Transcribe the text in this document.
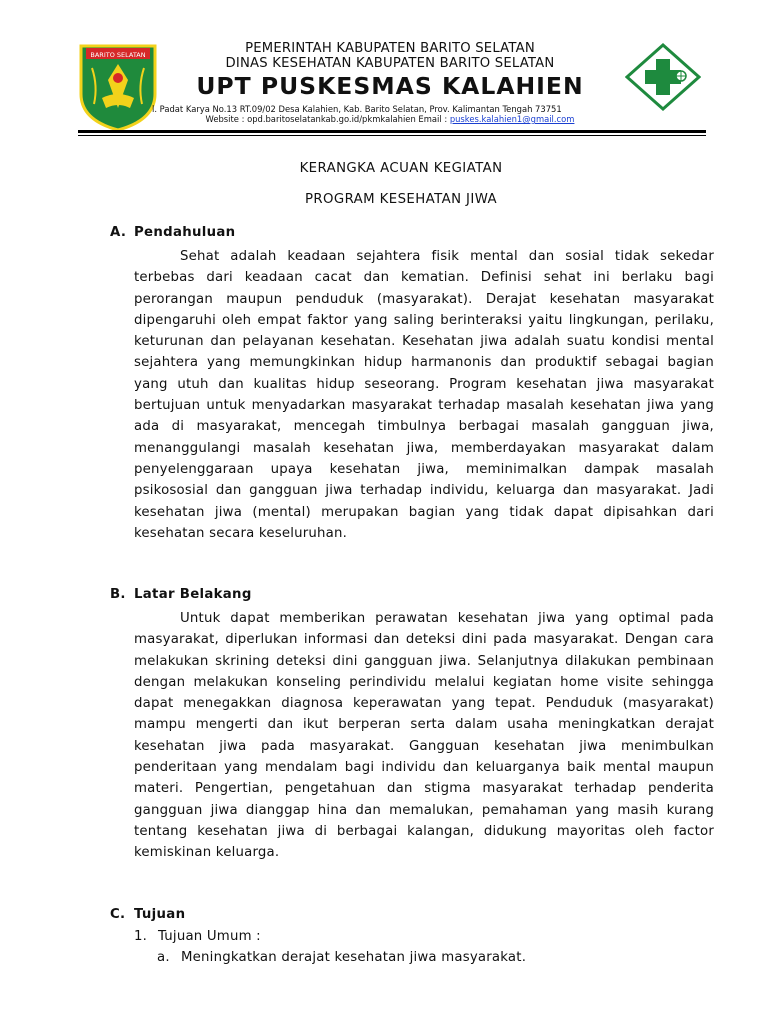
BARITO SELATAN	PEMERINTAH KABUPATEN BARITO SELATAN
DINAS KESEHATAN KABUPATEN BARITO SELATAN
UPT PUSKESMAS KALAHIEN
l. Padat Karya No.13 RT.09/02 Desa Kalahien, Kab. Barito Selatan, Prov. Kalimantan Tengah 73751
Website : opd.baritoselatankab.go.id/pkmkalahien Email : puskes.kalahien1@gmail.com
KERANGKA ACUAN KEGIATAN
PROGRAM KESEHATAN JIWA
A. Pendahuluan
Sehat adalah keadaan sejahtera fisik mental dan sosial tidak sekedar terbebas dari keadaan cacat dan kematian. Definisi sehat ini berlaku bagi perorangan maupun penduduk (masyarakat). Derajat kesehatan masyarakat dipengaruhi oleh empat faktor yang saling berinteraksi yaitu lingkungan, perilaku, keturunan dan pelayanan kesehatan. Kesehatan jiwa adalah suatu kondisi mental sejahtera yang memungkinkan hidup harmanonis dan produktif sebagai bagian yang utuh dan kualitas hidup seseorang. Program kesehatan jiwa masyarakat bertujuan untuk menyadarkan masyarakat terhadap masalah kesehatan jiwa yang ada di masyarakat, mencegah timbulnya berbagai masalah gangguan jiwa, menanggulangi masalah kesehatan jiwa, memberdayakan masyarakat dalam penyelenggaraan upaya kesehatan jiwa, meminimalkan dampak masalah psikososial dan gangguan jiwa terhadap individu, keluarga dan masyarakat. Jadi kesehatan jiwa (mental) merupakan bagian yang tidak dapat dipisahkan dari kesehatan secara keseluruhan.
B. Latar Belakang
Untuk dapat memberikan perawatan kesehatan jiwa yang optimal pada masyarakat, diperlukan informasi dan deteksi dini pada masyarakat. Dengan cara melakukan skrining deteksi dini gangguan jiwa. Selanjutnya dilakukan pembinaan dengan melakukan konseling perindividu melalui kegiatan home visite sehingga dapat menegakkan diagnosa keperawatan yang tepat. Penduduk (masyarakat) mampu mengerti dan ikut berperan serta dalam usaha meningkatkan derajat kesehatan jiwa pada masyarakat. Gangguan kesehatan jiwa menimbulkan penderitaan yang mendalam bagi individu dan keluarganya baik mental maupun materi. Pengertian, pengetahuan dan stigma masyarakat terhadap penderita gangguan jiwa dianggap hina dan memalukan, pemahaman yang masih kurang tentang kesehatan jiwa di berbagai kalangan, didukung mayoritas oleh factor kemiskinan keluarga.
C. Tujuan
1. Tujuan Umum :
a. Meningkatkan derajat kesehatan jiwa masyarakat.
